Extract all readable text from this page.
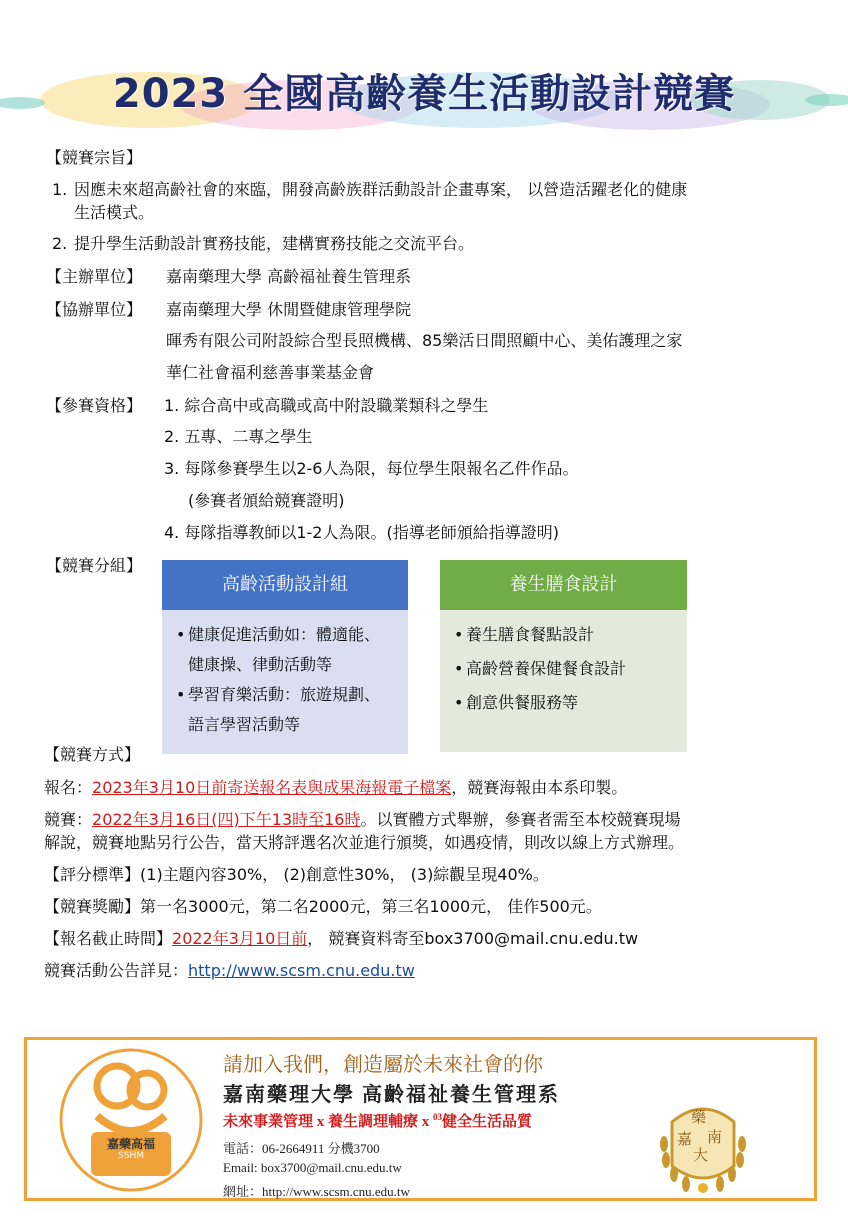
2023 全國高齡養生活動設計競賽
【競賽宗旨】
1. 因應未來超高齡社會的來臨，開發高齡族群活動設計企畫專案， 以營造活躍老化的健康
生活模式。
2. 提升學生活動設計實務技能，建構實務技能之交流平台。
【主辦單位】 嘉南藥理大學 高齡福祉養生管理系
【協辦單位】 嘉南藥理大學 休閒暨健康管理學院
暉秀有限公司附設綜合型長照機構、85樂活日間照顧中心、美佑護理之家
華仁社會福利慈善事業基金會
【參賽資格】 1. 綜合高中或高職或高中附設職業類科之學生
2. 五專、二專之學生
3. 每隊參賽學生以2-6人為限，每位學生限報名乙件作品。
(參賽者頒給競賽證明)
4. 每隊指導教師以1-2人為限。(指導老師頒給指導證明)
【競賽分組】
高齡活動設計組
• 健康促進活動如：體適能、
健康操、律動活動等
• 學習育樂活動：旅遊規劃、
語言學習活動等
養生膳食設計
• 養生膳食餐點設計
• 高齡營養保健餐食設計
• 創意供餐服務等
【競賽方式】
報名：2023年3月10日前寄送報名表與成果海報電子檔案，競賽海報由本系印製。
競賽：2022年3月16日(四)下午13時至16時。以實體方式舉辦，參賽者需至本校競賽現場
解說，競賽地點另行公告，當天將評選名次並進行頒獎，如遇疫情，則改以線上方式辦理。
【評分標準】(1)主題內容30%， (2)創意性30%， (3)綜觀呈現40%。
【競賽獎勵】第一名3000元，第二名2000元，第三名1000元， 佳作500元。
【報名截止時間】2022年3月10日前， 競賽資料寄至box3700@mail.cnu.edu.tw
競賽活動公告詳見：http://www.scsm.cnu.edu.tw
嘉藥高福
SSHM
請加入我們，創造屬於未來社會的你
嘉南藥理大學 高齡福祉養生管理系
未來事業管理 x 養生調理輔療 x $^{03}$健全生活品質
電話：06-2664911 分機3700
Email: box3700@mail.cnu.edu.tw
網址：http://www.scsm.cnu.edu.tw
藥
嘉 南
大
